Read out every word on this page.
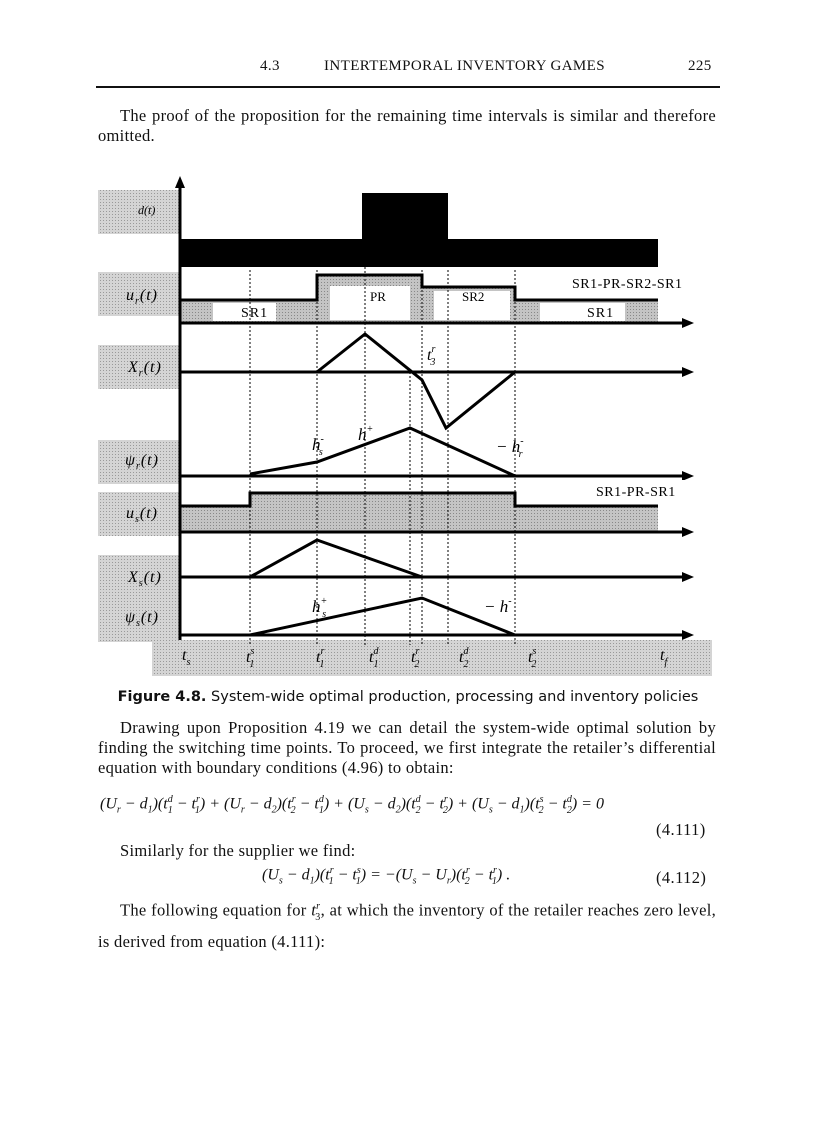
4.3	INTERTEMPORAL INVENTORY GAMES	225
The proof of the proposition for the remaining time intervals is similar and therefore omitted.
SR1
PR	SR2
SR1
SR1-PR-SR2-SR1
SR1-PR-SR1
d(t)
$u_r(t)$
$X_r(t)$
$\psi_r(t)$
$u_s(t)$
$X_s(t)$
$\psi_s(t)$
$t^r$ 3
h-s
h+
− h-r
h+ s	− h-
$t_s$	$t^s$ 1	$t^r$ 1	$t^d$ 1 $t^r$ 2 $t^d$ 2	$t^s$ 2
$t_f$
Figure 4.8. System-wide optimal production, processing and inventory policies
Drawing upon Proposition 4.19 we can detail the system-wide optimal solution by finding the switching time points. To proceed, we first integrate the retailer’s differential equation with boundary conditions (4.96) to obtain:
$(U_r - d_1)(t^d_1 - t^r_1) + (U_r - d_2)(t^r_2 - t^d_1) + (U_s - d_2)(t^d_2 - t^r_2) + (U_s - d_1)(t^s_2 - t^d_2) = 0$
(4.111)
Similarly for the supplier we find:
$(U_s - d_1)(t^r_1 - t^s_1) = -(U_s - U_r)(t^r_2 - t^r_1)$ .	(4.112)
The following equation for $t^r_3$, at which the inventory of the retailer reaches zero level, is derived from equation (4.111):
